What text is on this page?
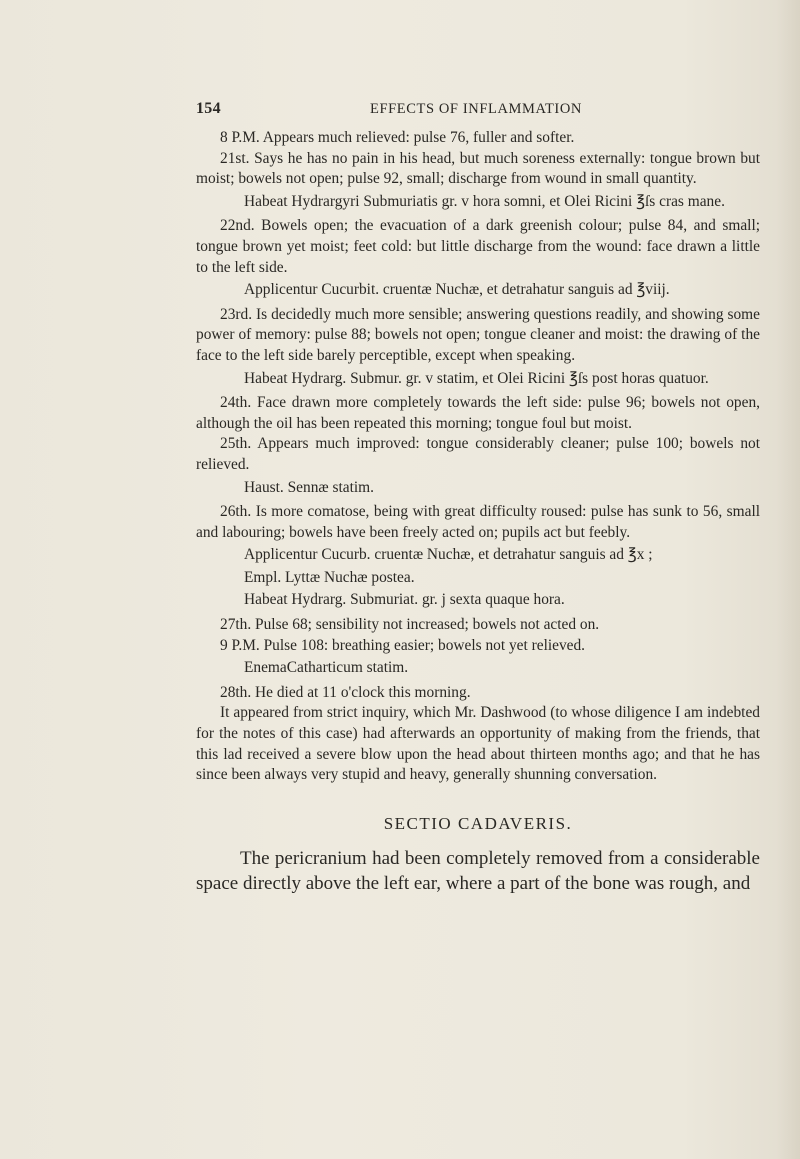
154	EFFECTS OF INFLAMMATION

8 P.M. Appears much relieved: pulse 76, fuller and softer.

21st. Says he has no pain in his head, but much soreness externally: tongue brown but moist; bowels not open; pulse 92, small; discharge from wound in small quantity.

Habeat Hydrargyri Submuriatis gr. v hora somni, et Olei Ricini ℥ſs cras mane.

22nd. Bowels open; the evacuation of a dark greenish colour; pulse 84, and small; tongue brown yet moist; feet cold: but little discharge from the wound: face drawn a little to the left side.

Applicentur Cucurbit. cruentæ Nuchæ, et detrahatur sanguis ad ℥viij.

23rd. Is decidedly much more sensible; answering questions readily, and showing some power of memory: pulse 88; bowels not open; tongue cleaner and moist: the drawing of the face to the left side barely perceptible, except when speaking.

Habeat Hydrarg. Submur. gr. v statim, et Olei Ricini ℥ſs post horas quatuor.

24th. Face drawn more completely towards the left side: pulse 96; bowels not open, although the oil has been repeated this morning; tongue foul but moist.

25th. Appears much improved: tongue considerably cleaner; pulse 100; bowels not relieved.

Haust. Sennæ statim.

26th. Is more comatose, being with great difficulty roused: pulse has sunk to 56, small and labouring; bowels have been freely acted on; pupils act but feebly.

Applicentur Cucurb. cruentæ Nuchæ, et detrahatur sanguis ad ℥x ;

Empl. Lyttæ Nuchæ postea.

Habeat Hydrarg. Submuriat. gr. j sexta quaque hora.

27th. Pulse 68; sensibility not increased; bowels not acted on.

9 P.M. Pulse 108: breathing easier; bowels not yet relieved.

EnemaCatharticum statim.

28th. He died at 11 o'clock this morning.

It appeared from strict inquiry, which Mr. Dashwood (to whose diligence I am indebted for the notes of this case) had afterwards an opportunity of making from the friends, that this lad received a severe blow upon the head about thirteen months ago; and that he has since been always very stupid and heavy, generally shunning conversation.

SECTIO CADAVERIS.

The pericranium had been completely removed from a considerable space directly above the left ear, where a part of the bone was rough, and
